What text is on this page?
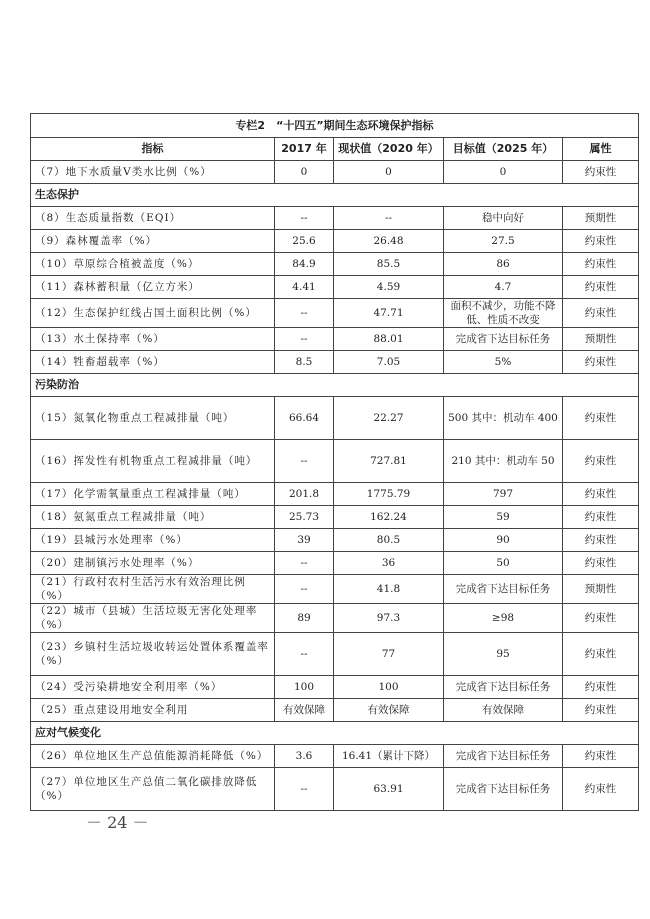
专栏2　“十四五”期间生态环境保护指标				
指标	2017 年	现状值（2020 年）	目标值（2025 年）	属性
（7）地下水质量Ⅴ类水比例（%）	0	0	0	约束性
生态保护				
（8）生态质量指数（EQI）	--	--	稳中向好	预期性
（9）森林覆盖率（%）	25.6	26.48	27.5	约束性
（10）草原综合植被盖度（%）	84.9	85.5	86	约束性
（11）森林蓄积量（亿立方米）	4.41	4.59	4.7	约束性
（12）生态保护红线占国土面积比例（%）	--	47.71	面积不减少，功能不降低、性质不改变	约束性
（13）水土保持率（%）	--	88.01	完成省下达目标任务	预期性
（14）牲畜超载率（%）	8.5	7.05	5%	约束性
污染防治				
（15）氮氧化物重点工程减排量（吨）	66.64	22.27	500 其中：机动车 400	约束性
（16）挥发性有机物重点工程减排量（吨）	--	727.81	210 其中：机动车 50	约束性
（17）化学需氧量重点工程减排量（吨）	201.8	1775.79	797	约束性
（18）氨氮重点工程减排量（吨）	25.73	162.24	59	约束性
（19）县城污水处理率（%）	39	80.5	90	约束性
（20）建制镇污水处理率（%）	--	36	50	约束性
（21）行政村农村生活污水有效治理比例（%）	--	41.8	完成省下达目标任务	预期性
（22）城市（县城）生活垃圾无害化处理率（%）	89	97.3	≥98	约束性
（23）乡镇村生活垃圾收转运处置体系覆盖率（%）	--	77	95	约束性
（24）受污染耕地安全利用率（%）	100	100	完成省下达目标任务	约束性
（25）重点建设用地安全利用	有效保障	有效保障	有效保障	约束性
应对气候变化				
（26）单位地区生产总值能源消耗降低（%）	3.6	16.41（累计下降）	完成省下达目标任务	约束性
（27）单位地区生产总值二氧化碳排放降低（%）	--	63.91	完成省下达目标任务	约束性
－ 24 －
